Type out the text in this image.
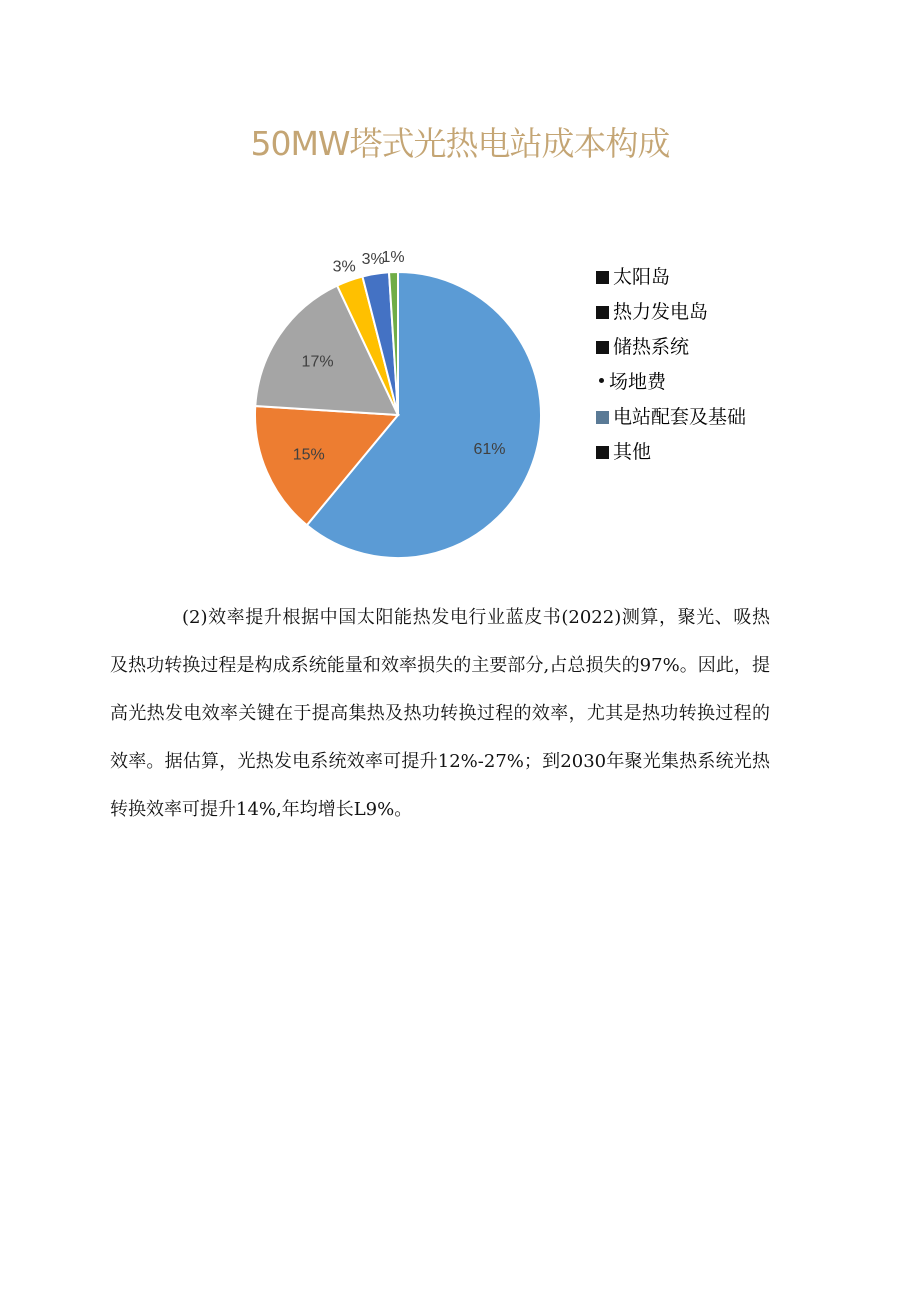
50MW塔式光热电站成本构成
61%
15%
17%
3% 3%
1%
太阳岛
热力发电岛
储热系统
场地费
电站配套及基础
其他

(2)效率提升根据中国太阳能热发电行业蓝皮书(2022)测算，聚光、吸热及热功转换过程是构成系统能量和效率损失的主要部分,占总损失的97%。因此，提高光热发电效率关键在于提高集热及热功转换过程的效率，尤其是热功转换过程的效率。据估算，光热发电系统效率可提升12%-27%；到2030年聚光集热系统光热转换效率可提升14%,年均增长L9%。
